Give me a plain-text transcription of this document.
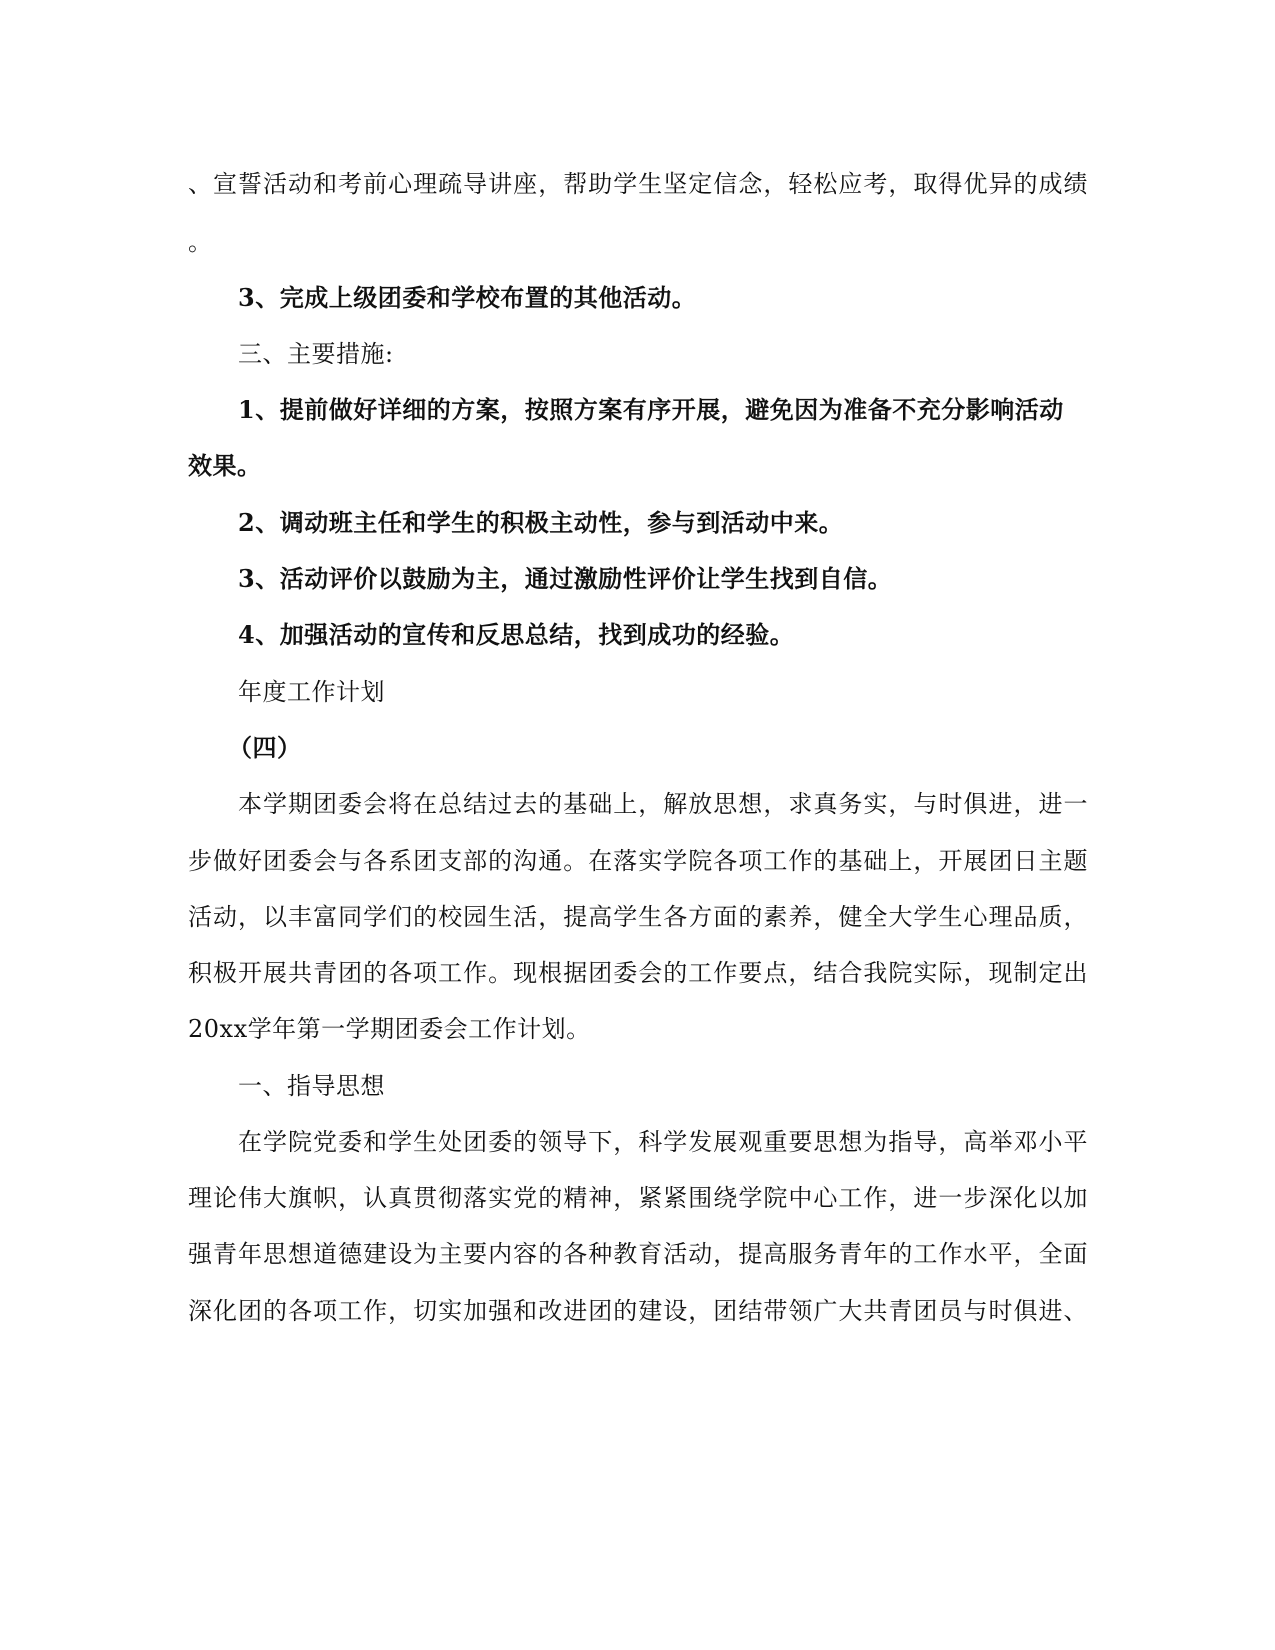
、宣誓活动和考前心理疏导讲座，帮助学生坚定信念，轻松应考，取得优异的成绩
。
3、完成上级团委和学校布置的其他活动。
三、主要措施:
1、提前做好详细的方案，按照方案有序开展，避免因为准备不充分影响活动
效果。
2、调动班主任和学生的积极主动性，参与到活动中来。
3、活动评价以鼓励为主，通过激励性评价让学生找到自信。
4、加强活动的宣传和反思总结，找到成功的经验。
年度工作计划
（四）
本学期团委会将在总结过去的基础上，解放思想，求真务实，与时俱进，进一
步做好团委会与各系团支部的沟通。在落实学院各项工作的基础上，开展团日主题
活动，以丰富同学们的校园生活，提高学生各方面的素养，健全大学生心理品质，
积极开展共青团的各项工作。现根据团委会的工作要点，结合我院实际，现制定出
20xx学年第一学期团委会工作计划。
一、指导思想
在学院党委和学生处团委的领导下，科学发展观重要思想为指导，高举邓小平
理论伟大旗帜，认真贯彻落实党的精神，紧紧围绕学院中心工作，进一步深化以加
强青年思想道德建设为主要内容的各种教育活动，提高服务青年的工作水平，全面
深化团的各项工作，切实加强和改进团的建设，团结带领广大共青团员与时俱进、
